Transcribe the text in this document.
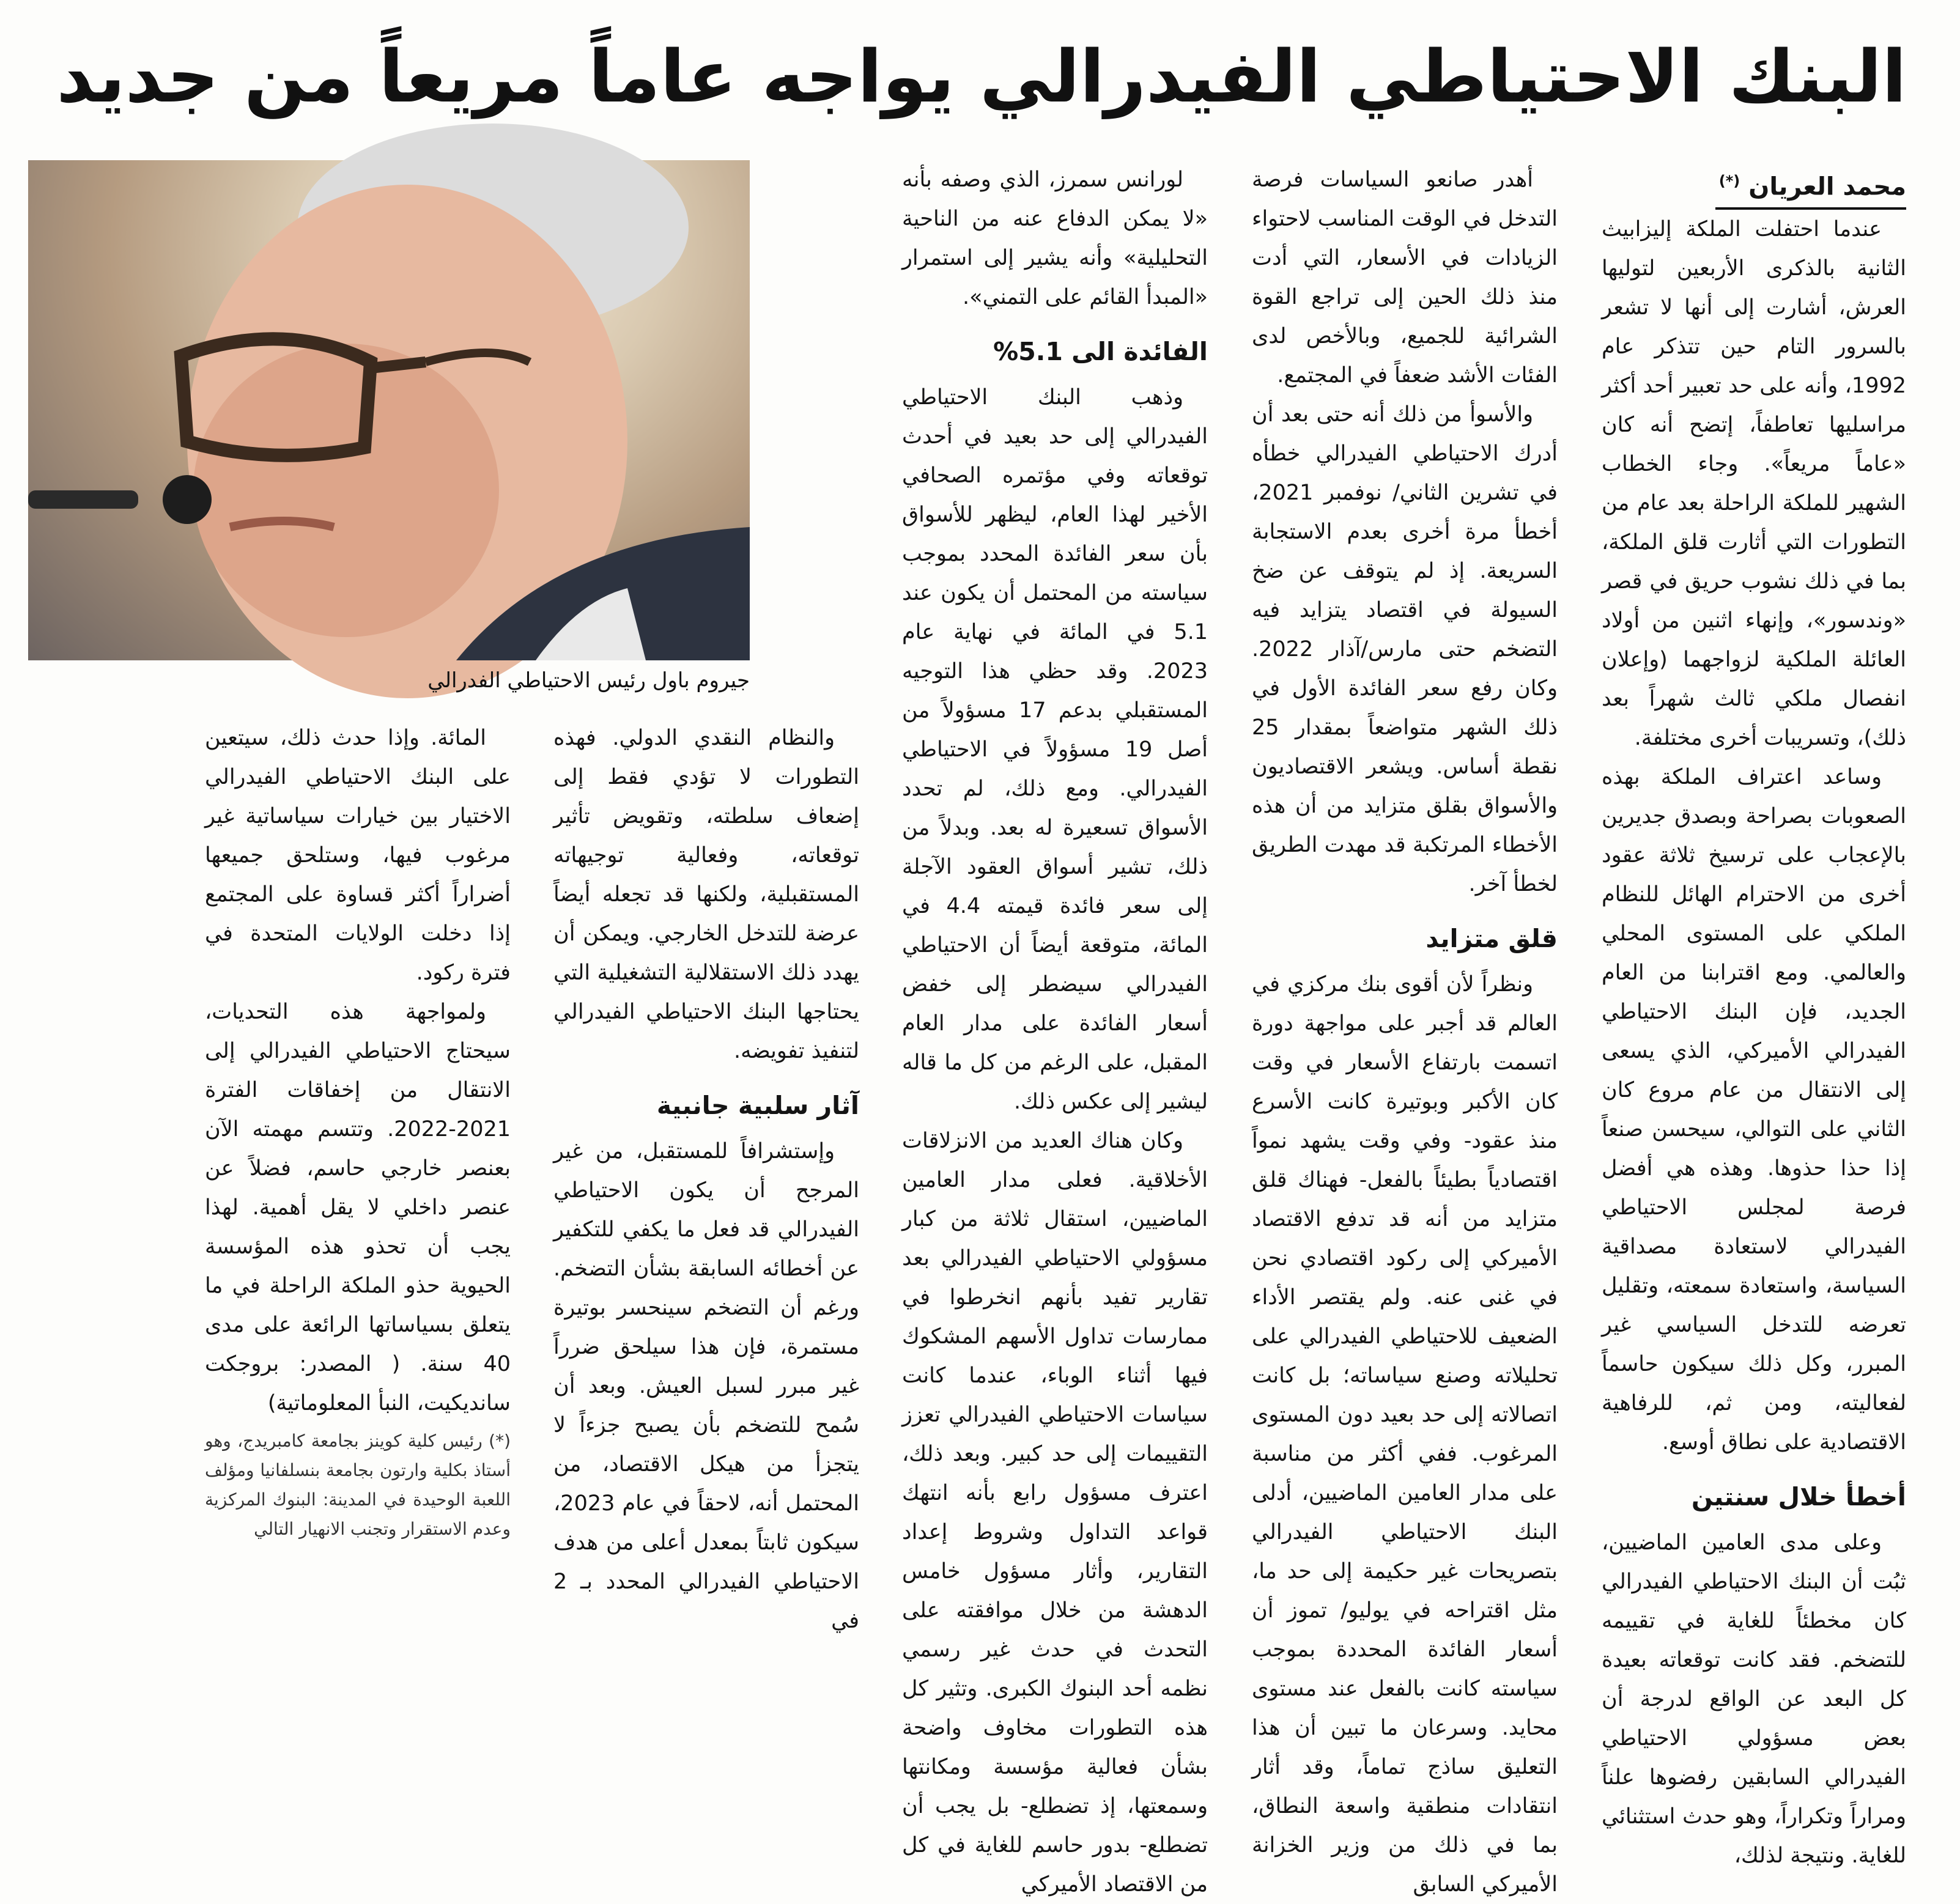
البنك الاحتياطي الفيدرالي يواجه عاماً مريعاً من جديد
جيروم باول رئيس الاحتياطي الفدرالي
محمد العريان (*)

عندما احتفلت الملكة إليزابيث الثانية بالذكرى الأربعين لتوليها العرش، أشارت إلى أنها لا تشعر بالسرور التام حين تتذكر عام 1992، وأنه على حد تعبير أحد أكثر مراسليها تعاطفاً، إتضح أنه كان «عاماً مريعاً». وجاء الخطاب الشهير للملكة الراحلة بعد عام من التطورات التي أثارت قلق الملكة، بما في ذلك نشوب حريق في قصر «وندسور»، وإنهاء اثنين من أولاد العائلة الملكية لزواجهما (وإعلان انفصال ملكي ثالث شهراً بعد ذلك)، وتسريبات أخرى مختلفة.

وساعد اعتراف الملكة بهذه الصعوبات بصراحة وبصدق جديرين بالإعجاب على ترسيخ ثلاثة عقود أخرى من الاحترام الهائل للنظام الملكي على المستوى المحلي والعالمي. ومع اقترابنا من العام الجديد، فإن البنك الاحتياطي الفيدرالي الأميركي، الذي يسعى إلى الانتقال من عام مروع كان الثاني على التوالي، سيحسن صنعاً إذا حذا حذوها. وهذه هي أفضل فرصة لمجلس الاحتياطي الفيدرالي لاستعادة مصداقية السياسة، واستعادة سمعته، وتقليل تعرضه للتدخل السياسي غير المبرر، وكل ذلك سيكون حاسماً لفعاليته، ومن ثم، للرفاهية الاقتصادية على نطاق أوسع.

أخطأ خلال سنتين

وعلى مدى العامين الماضيين، ثبُت أن البنك الاحتياطي الفيدرالي كان مخطئاً للغاية في تقييمه للتضخم. فقد كانت توقعاته بعيدة كل البعد عن الواقع لدرجة أن بعض مسؤولي الاحتياطي الفيدرالي السابقين رفضوها علناً ومراراً وتكراراً، وهو حدث استثنائي للغاية. ونتيجة لذلك،

أهدر صانعو السياسات فرصة التدخل في الوقت المناسب لاحتواء الزيادات في الأسعار، التي أدت منذ ذلك الحين إلى تراجع القوة الشرائية للجميع، وبالأخص لدى الفئات الأشد ضعفاً في المجتمع.

والأسوأ من ذلك أنه حتى بعد أن أدرك الاحتياطي الفيدرالي خطأه في تشرين الثاني/ نوفمبر 2021، أخطأ مرة أخرى بعدم الاستجابة السريعة. إذ لم يتوقف عن ضخ السيولة في اقتصاد يتزايد فيه التضخم حتى مارس/آذار 2022. وكان رفع سعر الفائدة الأول في ذلك الشهر متواضعاً بمقدار 25 نقطة أساس. ويشعر الاقتصاديون والأسواق بقلق متزايد من أن هذه الأخطاء المرتكبة قد مهدت الطريق لخطأ آخر.

قلق متزايد

ونظراً لأن أقوى بنك مركزي في العالم قد أجبر على مواجهة دورة اتسمت بارتفاع الأسعار في وقت كان الأكبر وبوتيرة كانت الأسرع منذ عقود- وفي وقت يشهد نمواً اقتصادياً بطيئاً بالفعل- فهناك قلق متزايد من أنه قد تدفع الاقتصاد الأميركي إلى ركود اقتصادي نحن في غنى عنه. ولم يقتصر الأداء الضعيف للاحتياطي الفيدرالي على تحليلاته وصنع سياساته؛ بل كانت اتصالاته إلى حد بعيد دون المستوى المرغوب. ففي أكثر من مناسبة على مدار العامين الماضيين، أدلى البنك الاحتياطي الفيدرالي بتصريحات غير حكيمة إلى حد ما، مثل اقتراحه في يوليو/ تموز أن أسعار الفائدة المحددة بموجب سياسته كانت بالفعل عند مستوى محايد. وسرعان ما تبين أن هذا التعليق ساذج تماماً، وقد أثار انتقادات منطقية واسعة النطاق، بما في ذلك من وزير الخزانة الأميركي السابق

لورانس سمرز، الذي وصفه بأنه «لا يمكن الدفاع عنه من الناحية التحليلية» وأنه يشير إلى استمرار «المبدأ القائم على التمني».

الفائدة الى 5.1%

وذهب البنك الاحتياطي الفيدرالي إلى حد بعيد في أحدث توقعاته وفي مؤتمره الصحافي الأخير لهذا العام، ليظهر للأسواق بأن سعر الفائدة المحدد بموجب سياسته من المحتمل أن يكون عند 5.1 في المائة في نهاية عام 2023. وقد حظي هذا التوجيه المستقبلي بدعم 17 مسؤولاً من أصل 19 مسؤولاً في الاحتياطي الفيدرالي. ومع ذلك، لم تحدد الأسواق تسعيرة له بعد. وبدلاً من ذلك، تشير أسواق العقود الآجلة إلى سعر فائدة قيمته 4.4 في المائة، متوقعة أيضاً أن الاحتياطي الفيدرالي سيضطر إلى خفض أسعار الفائدة على مدار العام المقبل، على الرغم من كل ما قاله ليشير إلى عكس ذلك.

وكان هناك العديد من الانزلاقات الأخلاقية. فعلى مدار العامين الماضيين، استقال ثلاثة من كبار مسؤولي الاحتياطي الفيدرالي بعد تقارير تفيد بأنهم انخرطوا في ممارسات تداول الأسهم المشكوك فيها أثناء الوباء، عندما كانت سياسات الاحتياطي الفيدرالي تعزز التقييمات إلى حد كبير. وبعد ذلك، اعترف مسؤول رابع بأنه انتهك قواعد التداول وشروط إعداد التقارير، وأثار مسؤول خامس الدهشة من خلال موافقته على التحدث في حدث غير رسمي نظمه أحد البنوك الكبرى. وتثير كل هذه التطورات مخاوف واضحة بشأن فعالية مؤسسة ومكانتها وسمعتها، إذ تضطلع- بل يجب أن تضطلع- بدور حاسم للغاية في كل من الاقتصاد الأميركي

والنظام النقدي الدولي. فهذه التطورات لا تؤدي فقط إلى إضعاف سلطته، وتقويض تأثير توقعاته، وفعالية توجيهاته المستقبلية، ولكنها قد تجعله أيضاً عرضة للتدخل الخارجي. ويمكن أن يهدد ذلك الاستقلالية التشغيلية التي يحتاجها البنك الاحتياطي الفيدرالي لتنفيذ تفويضه.

آثار سلبية جانبية

وإستشرافاً للمستقبل، من غير المرجح أن يكون الاحتياطي الفيدرالي قد فعل ما يكفي للتكفير عن أخطائه السابقة بشأن التضخم. ورغم أن التضخم سينحسر بوتيرة مستمرة، فإن هذا سيلحق ضرراً غير مبرر لسبل العيش. وبعد أن سُمح للتضخم بأن يصبح جزءاً لا يتجزأ من هيكل الاقتصاد، من المحتمل أنه، لاحقاً في عام 2023، سيكون ثابتاً بمعدل أعلى من هدف الاحتياطي الفيدرالي المحدد بـ 2 في

المائة. وإذا حدث ذلك، سيتعين على البنك الاحتياطي الفيدرالي الاختيار بين خيارات سياساتية غير مرغوب فيها، وستلحق جميعها أضراراً أكثر قساوة على المجتمع إذا دخلت الولايات المتحدة في فترة ركود.

ولمواجهة هذه التحديات، سيحتاج الاحتياطي الفيدرالي إلى الانتقال من إخفاقات الفترة 2021-2022. وتتسم مهمته الآن بعنصر خارجي حاسم، فضلاً عن عنصر داخلي لا يقل أهمية. لهذا يجب أن تحذو هذه المؤسسة الحيوية حذو الملكة الراحلة في ما يتعلق بسياساتها الرائعة على مدى 40 سنة. ( المصدر: بروجكت سانديكيت، النبأ المعلوماتية)

(*) رئيس كلية كوينز بجامعة كامبريدج، وهو أستاذ بكلية وارتون بجامعة بنسلفانيا ومؤلف اللعبة الوحيدة في المدينة: البنوك المركزية وعدم الاستقرار وتجنب الانهيار التالي
